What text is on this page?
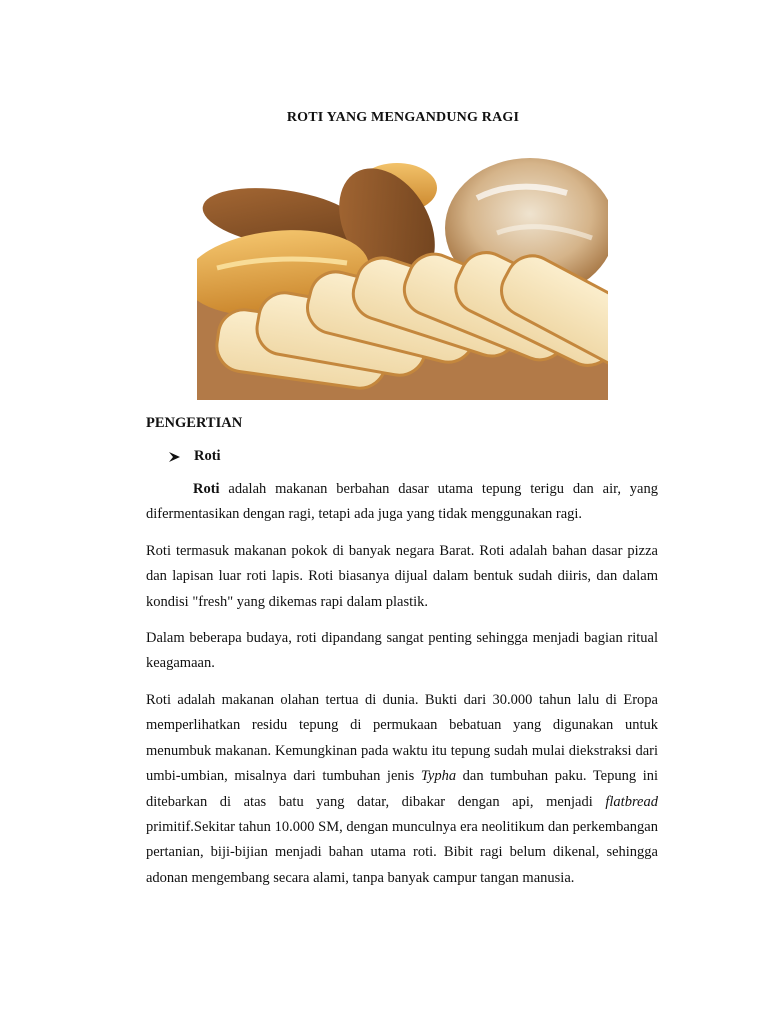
ROTI YANG MENGANDUNG RAGI
PENGERTIAN
Roti

Roti adalah makanan berbahan dasar utama tepung terigu dan air, yang difermentasikan dengan ragi, tetapi ada juga yang tidak menggunakan ragi.

Roti termasuk makanan pokok di banyak negara Barat. Roti adalah bahan dasar pizza dan lapisan luar roti lapis. Roti biasanya dijual dalam bentuk sudah diiris, dan dalam kondisi "fresh" yang dikemas rapi dalam plastik.

Dalam beberapa budaya, roti dipandang sangat penting sehingga menjadi bagian ritual keagamaan.

Roti adalah makanan olahan tertua di dunia. Bukti dari 30.000 tahun lalu di Eropa memperlihatkan residu tepung di permukaan bebatuan yang digunakan untuk menumbuk makanan. Kemungkinan pada waktu itu tepung sudah mulai diekstraksi dari umbi-umbian, misalnya dari tumbuhan jenis Typha dan tumbuhan paku. Tepung ini ditebarkan di atas batu yang datar, dibakar dengan api, menjadi flatbread primitif.Sekitar tahun 10.000 SM, dengan munculnya era neolitikum dan perkembangan pertanian, biji-bijian menjadi bahan utama roti. Bibit ragi belum dikenal, sehingga adonan mengembang secara alami, tanpa banyak campur tangan manusia.
